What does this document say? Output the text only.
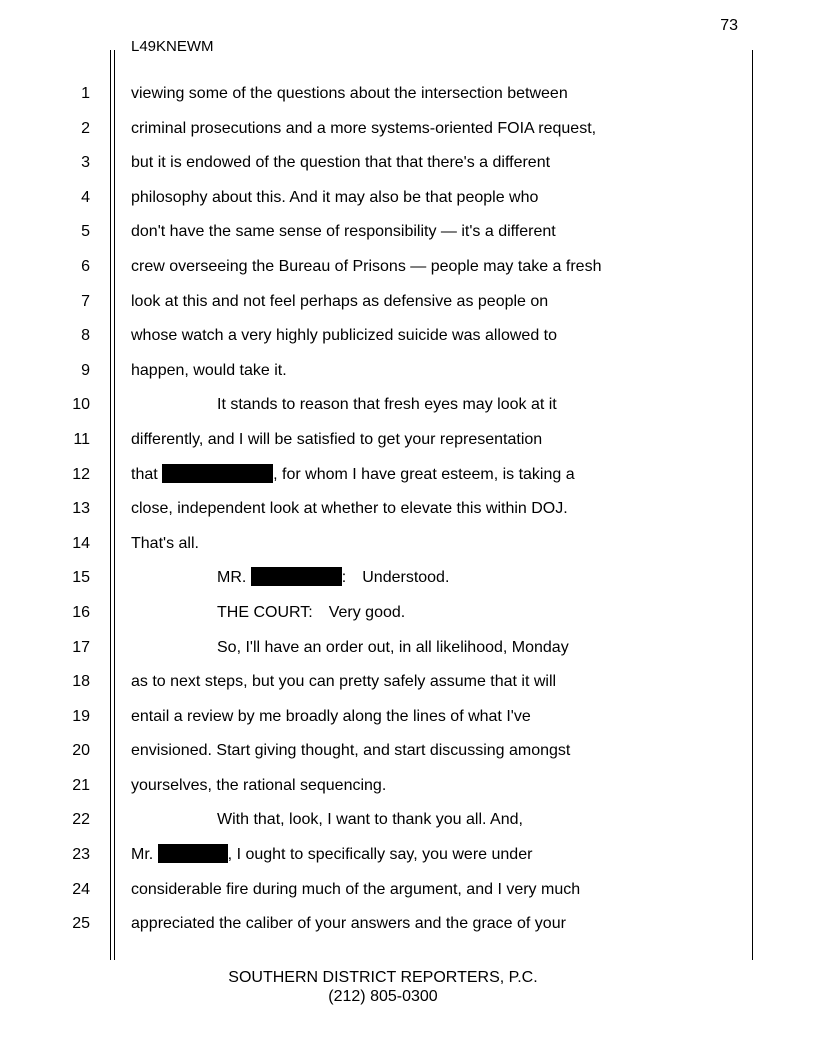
73
L49KNEWM
1	viewing some of the questions about the intersection between
2	criminal prosecutions and a more systems-oriented FOIA request,
3	but it is endowed of the question that that there's a different
4	philosophy about this. And it may also be that people who
5	don't have the same sense of responsibility — it's a different
6	crew overseeing the Bureau of Prisons — people may take a fresh
7	look at this and not feel perhaps as defensive as people on
8	whose watch a very highly publicized suicide was allowed to
9	happen, would take it.
10	It stands to reason that fresh eyes may look at it
11	differently, and I will be satisfied to get your representation
12	that	, for whom I have great esteem, is taking a
13	close, independent look at whether to elevate this within DOJ.
14	That's all.
15	MR.	: Understood.
16	THE COURT: Very good.
17	So, I'll have an order out, in all likelihood, Monday
18	as to next steps, but you can pretty safely assume that it will
19	entail a review by me broadly along the lines of what I've
20	envisioned. Start giving thought, and start discussing amongst
21	yourselves, the rational sequencing.
22	With that, look, I want to thank you all. And,
23	Mr.	, I ought to specifically say, you were under
24	considerable fire during much of the argument, and I very much
25	appreciated the caliber of your answers and the grace of your
SOUTHERN DISTRICT REPORTERS, P.C.
(212) 805-0300
